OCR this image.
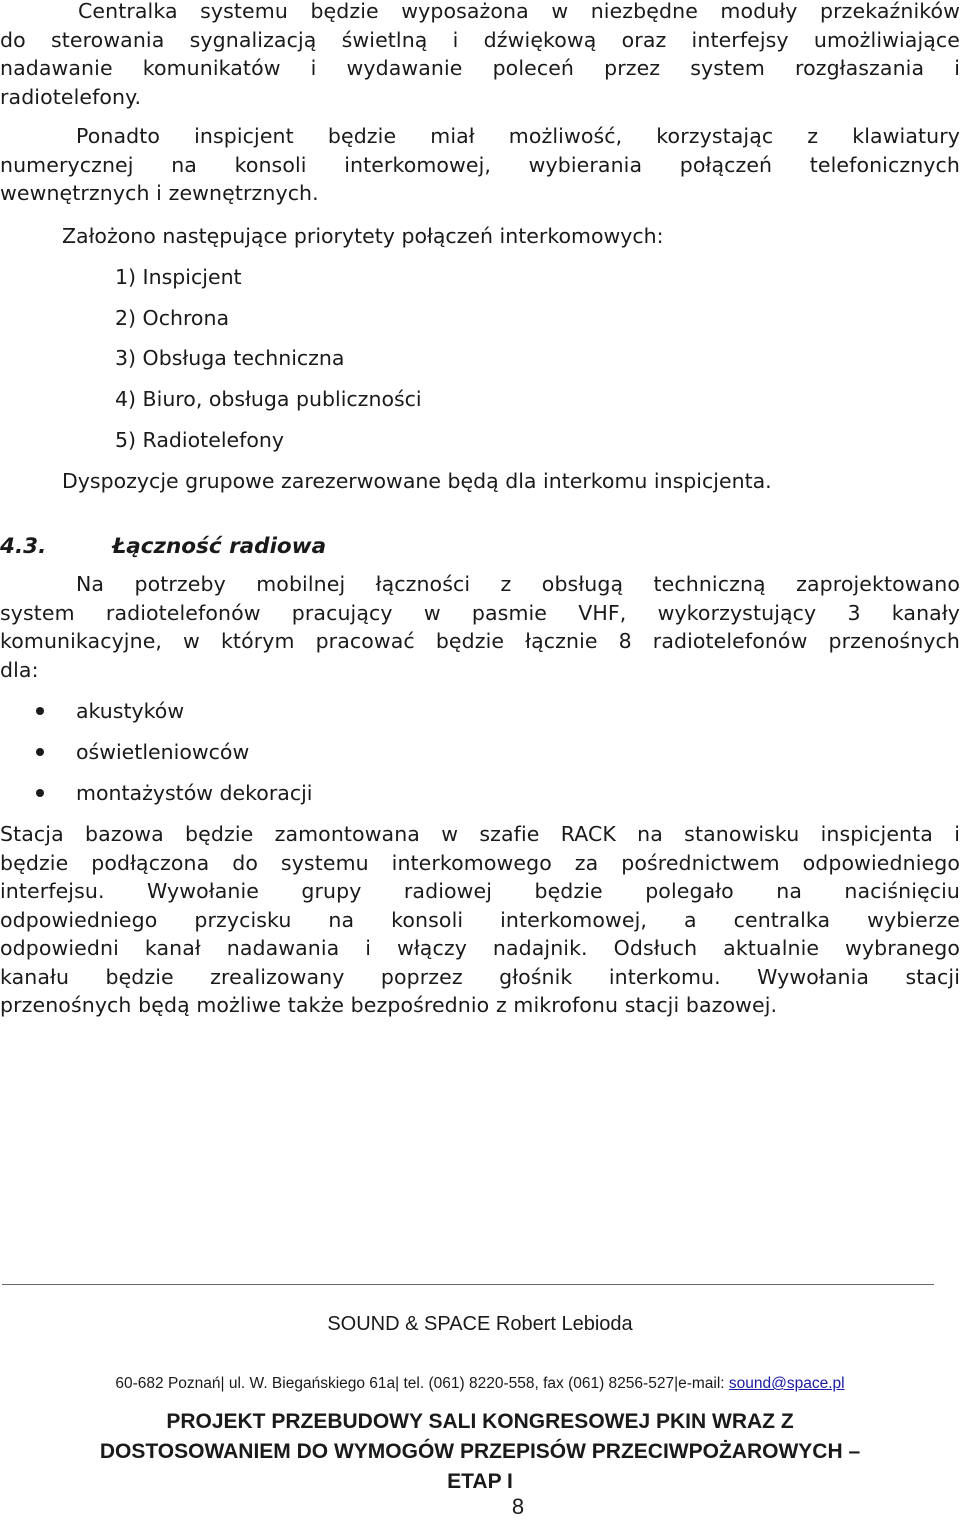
Centralka systemu będzie wyposażona w niezbędne moduły przekaźników
do sterowania sygnalizacją świetlną i dźwiękową oraz interfejsy umożliwiające
nadawanie komunikatów i wydawanie poleceń przez system rozgłaszania i
radiotelefony.
Ponadto inspicjent będzie miał możliwość, korzystając z klawiatury
numerycznej na konsoli interkomowej, wybierania połączeń telefonicznych
wewnętrznych i zewnętrznych.

Założono następujące priorytety połączeń interkomowych:

1) Inspicjent

2) Ochrona

3) Obsługa techniczna

4) Biuro, obsługa publiczności

5) Radiotelefony

Dyspozycje grupowe zarezerwowane będą dla interkomu inspicjenta.

4.3.	Łączność radiowa
Na potrzeby mobilnej łączności z obsługą techniczną zaprojektowano
system radiotelefonów pracujący w pasmie VHF, wykorzystujący 3 kanały
komunikacyjne, w którym pracować będzie łącznie 8 radiotelefonów przenośnych
dla:
akustyków
oświetleniowców
montażystów dekoracji
Stacja bazowa będzie zamontowana w szafie RACK na stanowisku inspicjenta i
będzie podłączona do systemu interkomowego za pośrednictwem odpowiedniego
interfejsu. Wywołanie grupy radiowej będzie polegało na naciśnięciu
odpowiedniego przycisku na konsoli interkomowej, a centralka wybierze
odpowiedni kanał nadawania i włączy nadajnik. Odsłuch aktualnie wybranego
kanału będzie zrealizowany poprzez głośnik interkomu. Wywołania stacji
przenośnych będą możliwe także bezpośrednio z mikrofonu stacji bazowej.
SOUND & SPACE Robert Lebioda
60-682 Poznań| ul. W. Biegańskiego 61a| tel. (061) 8220-558, fax (061) 8256-527|e-mail: sound@space.pl
PROJEKT PRZEBUDOWY SALI KONGRESOWEJ PKIN WRAZ Z
DOSTOSOWANIEM DO WYMOGÓW PRZEPISÓW PRZECIWPOŻAROWYCH –
ETAP I
8
